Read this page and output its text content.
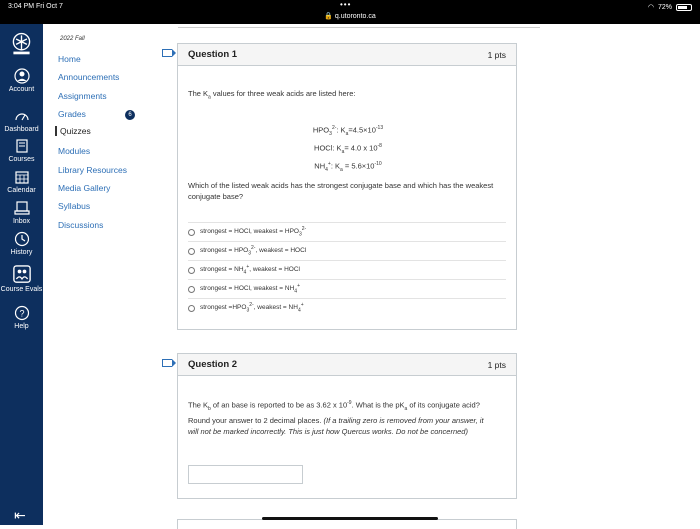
3:04 PM Fri Oct 7	•••
🔒 q.utoronto.ca
◠ 72%
Account
Dashboard
Courses
Calendar
Inbox
History
Course Evals
?
Help
⇤
2022 Fall
Home
Announcements
Assignments
Grades	6
Quizzes
Modules
Library Resources
Media Gallery
Syllabus
Discussions
Question 1	1 pts
The $K_a$ values for three weak acids are listed here:
$HPO_3^{2-}$: $K_a=4.5\times 10^{-13}$
HOCl: $K_a= 4.0$ x $10^{-8}$
$NH_4^+$: $K_a = 5.6\times 10^{-10}$
Which of the listed weak acids has the strongest conjugate base and which has the weakest conjugate base?
strongest = HOCl, weakest = $HPO_3^{2-}$
strongest = $HPO_3^{2-}$, weakest = HOCl
strongest = $NH_4^+$, weakest = HOCl
strongest = HOCl, weakest = $NH_4^+$
strongest $=HPO_3^{2-}$, weakest = $NH_4^+$
Question 2	1 pts
The $K_b$ of an base is reported to be as 3.62 x $10^{-9}$. What is the $pK_a$ of its conjugate acid? Round your answer to 2 decimal places. (If a trailing zero is removed from your answer, it will not be marked incorrectly. This is just how Quercus works. Do not be concerned)
